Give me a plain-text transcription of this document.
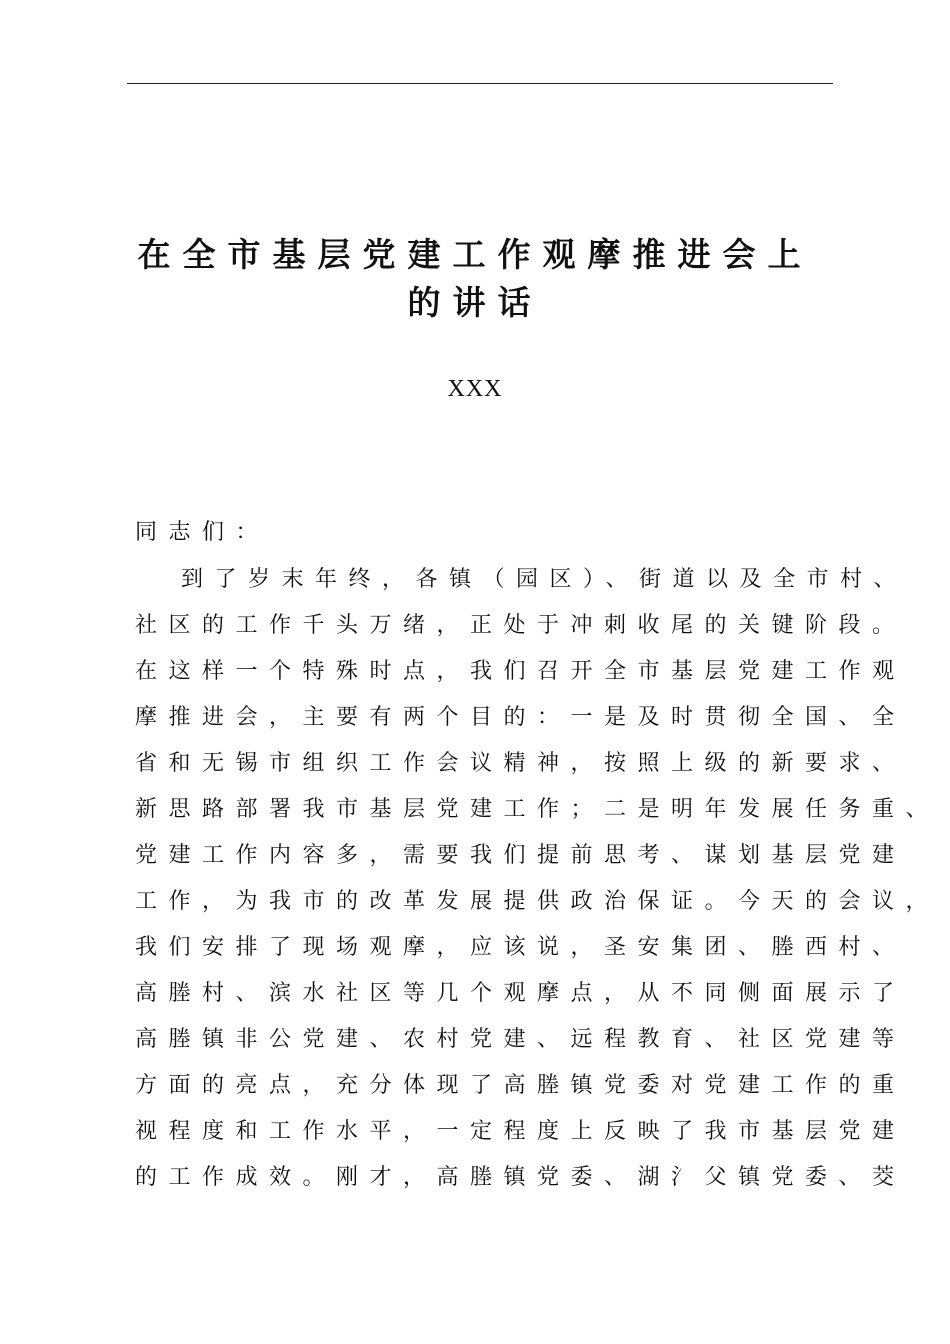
在全市基层党建工作观摩推进会上
的讲话
XXX
同志们：
到了岁末年终，各镇（园区）、街道以及全市村、
社区的工作千头万绪，正处于冲刺收尾的关键阶段。
在这样一个特殊时点，我们召开全市基层党建工作观
摩推进会，主要有两个目的：一是及时贯彻全国、全
省和无锡市组织工作会议精神，按照上级的新要求、
新思路部署我市基层党建工作；二是明年发展任务重、
党建工作内容多，需要我们提前思考、谋划基层党建
工作，为我市的改革发展提供政治保证。今天的会议，
我们安排了现场观摩，应该说，圣安集团、塍西村、
高塍村、滨水社区等几个观摩点，从不同侧面展示了
高塍镇非公党建、农村党建、远程教育、社区党建等
方面的亮点，充分体现了高塍镇党委对党建工作的重
视程度和工作水平，一定程度上反映了我市基层党建
的工作成效。刚才，高塍镇党委、湖氵父镇党委、茭
